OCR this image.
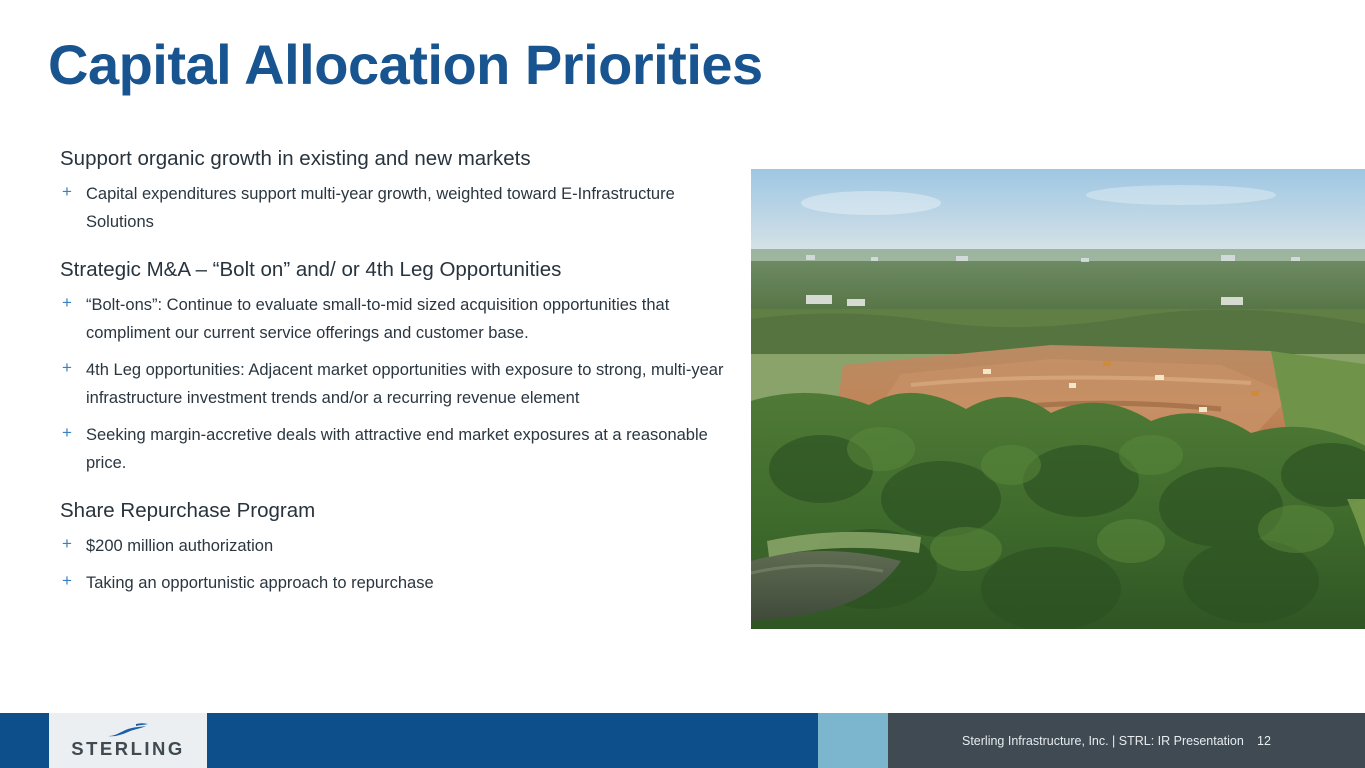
Capital Allocation Priorities
Support organic growth in existing and new markets
+ Capital expenditures support multi-year growth, weighted toward E-Infrastructure Solutions
Strategic M&A – “Bolt on” and/ or 4th Leg Opportunities
+ “Bolt-ons”: Continue to evaluate small-to-mid sized acquisition opportunities that compliment our current service offerings and customer base.
+ 4th Leg opportunities: Adjacent market opportunities with exposure to strong, multi-year infrastructure investment trends and/or a recurring revenue element
+ Seeking margin-accretive deals with attractive end market exposures at a reasonable price.
Share Repurchase Program
+ $200 million authorization
+ Taking an opportunistic approach to repurchase
STERLING	Sterling Infrastructure, Inc. | STRL: IR Presentation 12
